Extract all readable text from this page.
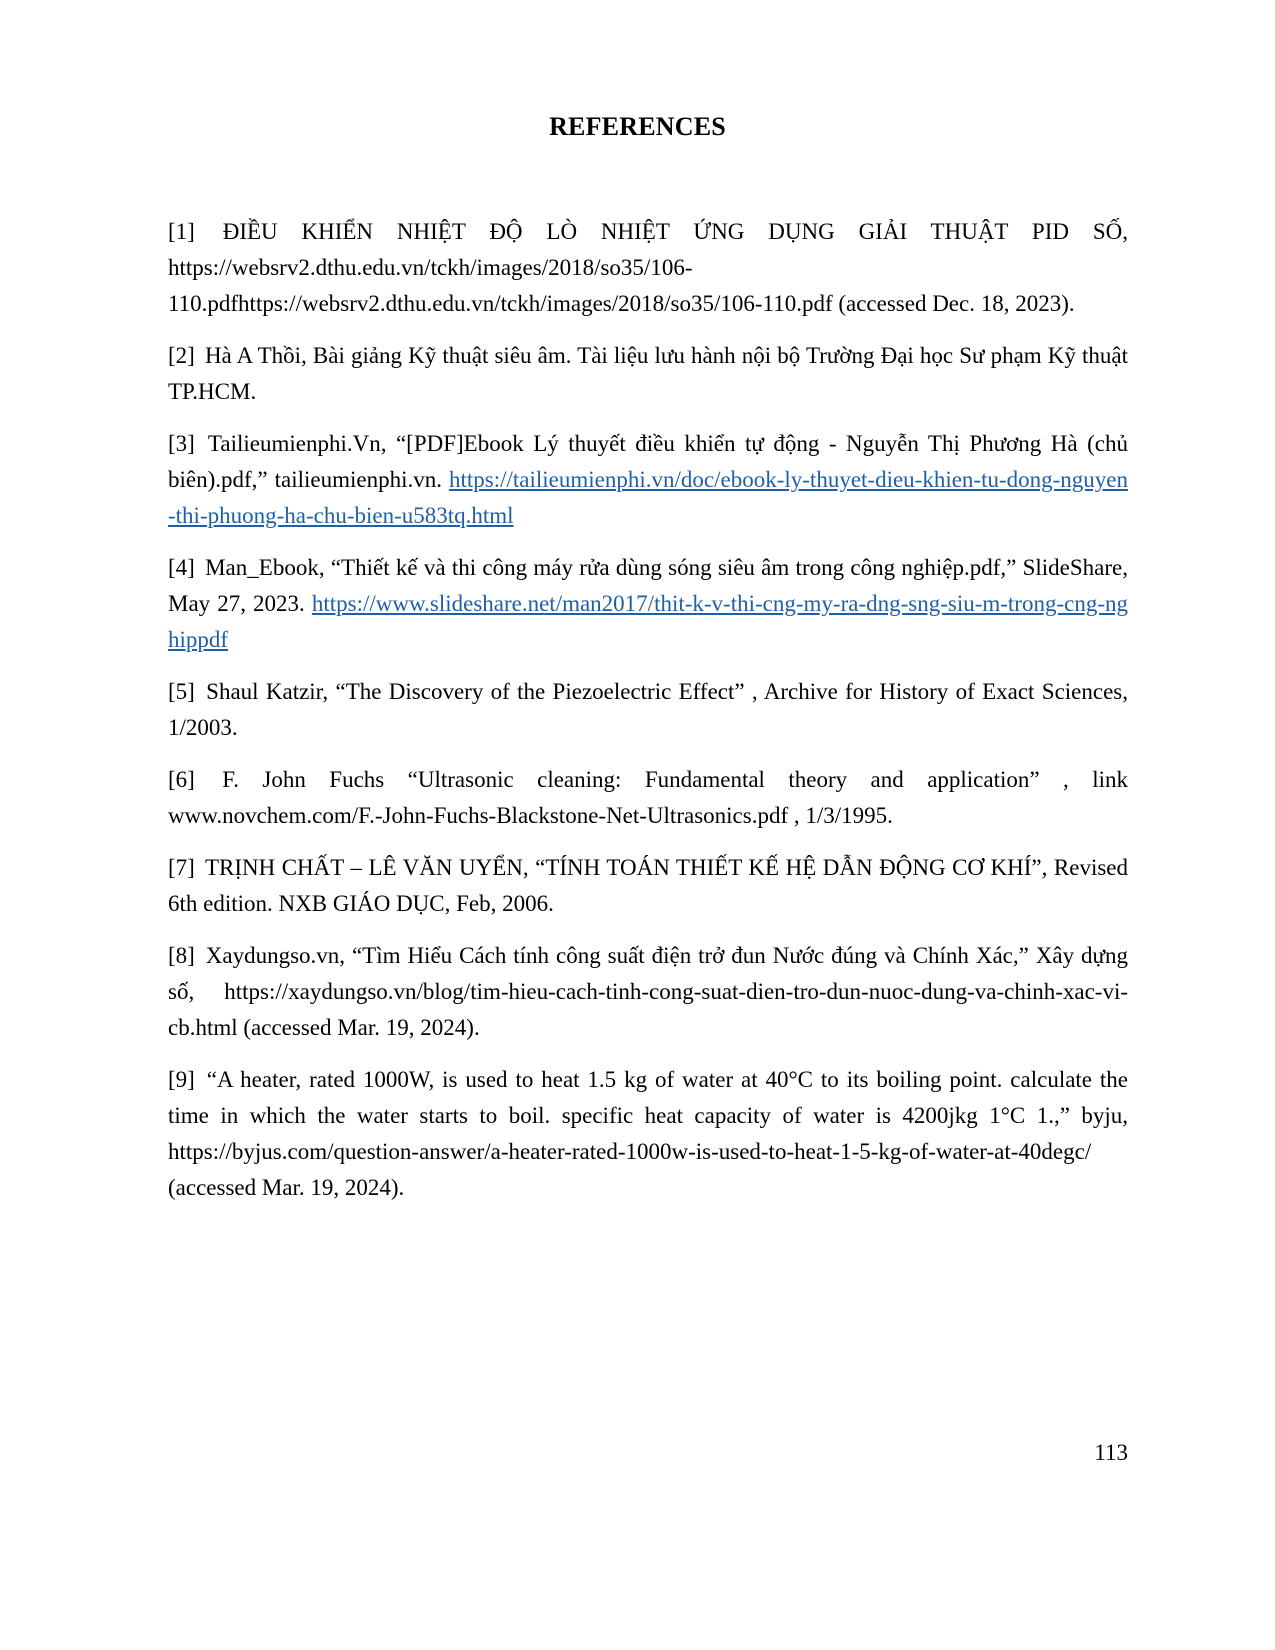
REFERENCES

[1] ĐIỀU KHIỂN NHIỆT ĐỘ LÒ NHIỆT ỨNG DỤNG GIẢI THUẬT PID SỐ, https://websrv2.dthu.edu.vn/tckh/images/2018/so35/106-110.pdfhttps://websrv2.dthu.edu.vn/tckh/images/2018/so35/106-110.pdf (accessed Dec. 18, 2023).

[2] Hà A Thồi, Bài giảng Kỹ thuật siêu âm. Tài liệu lưu hành nội bộ Trường Đại học Sư phạm Kỹ thuật TP.HCM.

[3] Tailieumienphi.Vn, “[PDF]Ebook Lý thuyết điều khiển tự động - Nguyễn Thị Phương Hà (chủ biên).pdf,” tailieumienphi.vn. https://tailieumienphi.vn/doc/ebook-ly-thuyet-dieu-khien-tu-dong-nguyen-thi-phuong-ha-chu-bien-u583tq.html

[4] Man_Ebook, “Thiết kế và thi công máy rửa dùng sóng siêu âm trong công nghiệp.pdf,” SlideShare, May 27, 2023. https://www.slideshare.net/man2017/thit-k-v-thi-cng-my-ra-dng-sng-siu-m-trong-cng-nghippdf

[5] Shaul Katzir, “The Discovery of the Piezoelectric Effect” , Archive for History of Exact Sciences, 1/2003.

[6] F. John Fuchs “Ultrasonic cleaning: Fundamental theory and application” , link www.novchem.com/F.-John-Fuchs-Blackstone-Net-Ultrasonics.pdf , 1/3/1995.

[7] TRỊNH CHẤT – LÊ VĂN UYỂN, “TÍNH TOÁN THIẾT KẾ HỆ DẪN ĐỘNG CƠ KHÍ”, Revised 6th edition. NXB GIÁO DỤC, Feb, 2006.

[8] Xaydungso.vn, “Tìm Hiểu Cách tính công suất điện trở đun Nước đúng và Chính Xác,” Xây dựng số, https://xaydungso.vn/blog/tim-hieu-cach-tinh-cong-suat-dien-tro-dun-nuoc-dung-va-chinh-xac-vi-cb.html (accessed Mar. 19, 2024).

[9] “A heater, rated 1000W, is used to heat 1.5 kg of water at 40°C to its boiling point. calculate the time in which the water starts to boil. specific heat capacity of water is 4200jkg 1°C 1.,” byju, https://byjus.com/question-answer/a-heater-rated-1000w-is-used-to-heat-1-5-kg-of-water-at-40degc/ (accessed Mar. 19, 2024).

113
